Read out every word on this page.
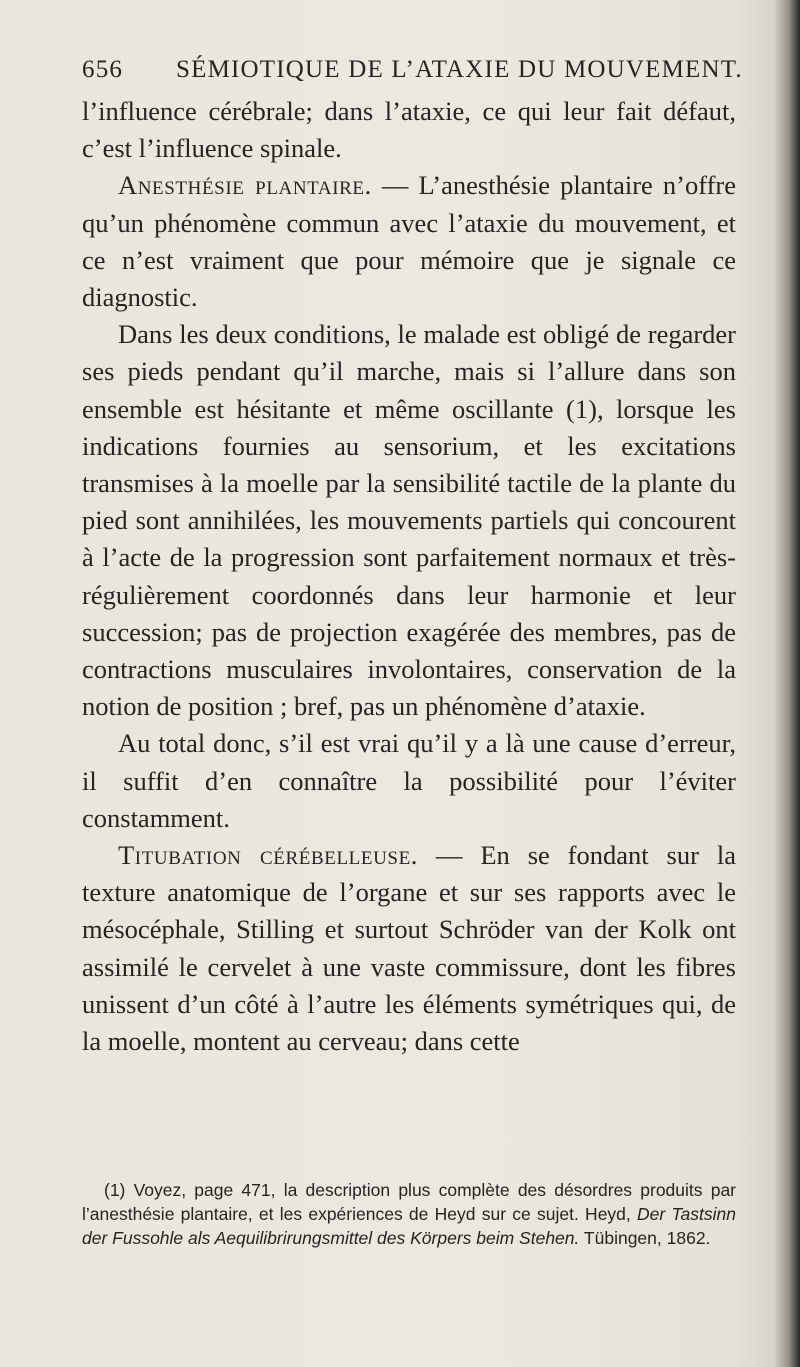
656 SÉMIOTIQUE DE L’ATAXIE DU MOUVEMENT.

l’influence cérébrale; dans l’ataxie, ce qui leur fait défaut, c’est l’influence spinale.

Anesthésie plantaire. — L’anesthésie plantaire n’offre qu’un phénomène commun avec l’ataxie du mouvement, et ce n’est vraiment que pour mémoire que je signale ce diagnostic.

Dans les deux conditions, le malade est obligé de regarder ses pieds pendant qu’il marche, mais si l’allure dans son ensemble est hésitante et même oscillante (1), lorsque les indications fournies au sensorium, et les excitations transmises à la moelle par la sensibilité tactile de la plante du pied sont annihilées, les mouvements partiels qui concourent à l’acte de la progression sont parfaitement normaux et très-régulièrement coordonnés dans leur harmonie et leur succession; pas de projection exagérée des membres, pas de contractions musculaires involontaires, conservation de la notion de position ; bref, pas un phénomène d’ataxie.

Au total donc, s’il est vrai qu’il y a là une cause d’erreur, il suffit d’en connaître la possibilité pour l’éviter constamment.

Titubation cérébelleuse. — En se fondant sur la texture anatomique de l’organe et sur ses rapports avec le mésocéphale, Stilling et surtout Schröder van der Kolk ont assimilé le cervelet à une vaste commissure, dont les fibres unissent d’un côté à l’autre les éléments symétriques qui, de la moelle, montent au cerveau; dans cette

(1) Voyez, page 471, la description plus complète des désordres produits par l’anesthésie plantaire, et les expériences de Heyd sur ce sujet. Heyd, Der Tastsinn der Fussohle als Aequilibrirungsmittel des Körpers beim Stehen. Tübingen, 1862.
